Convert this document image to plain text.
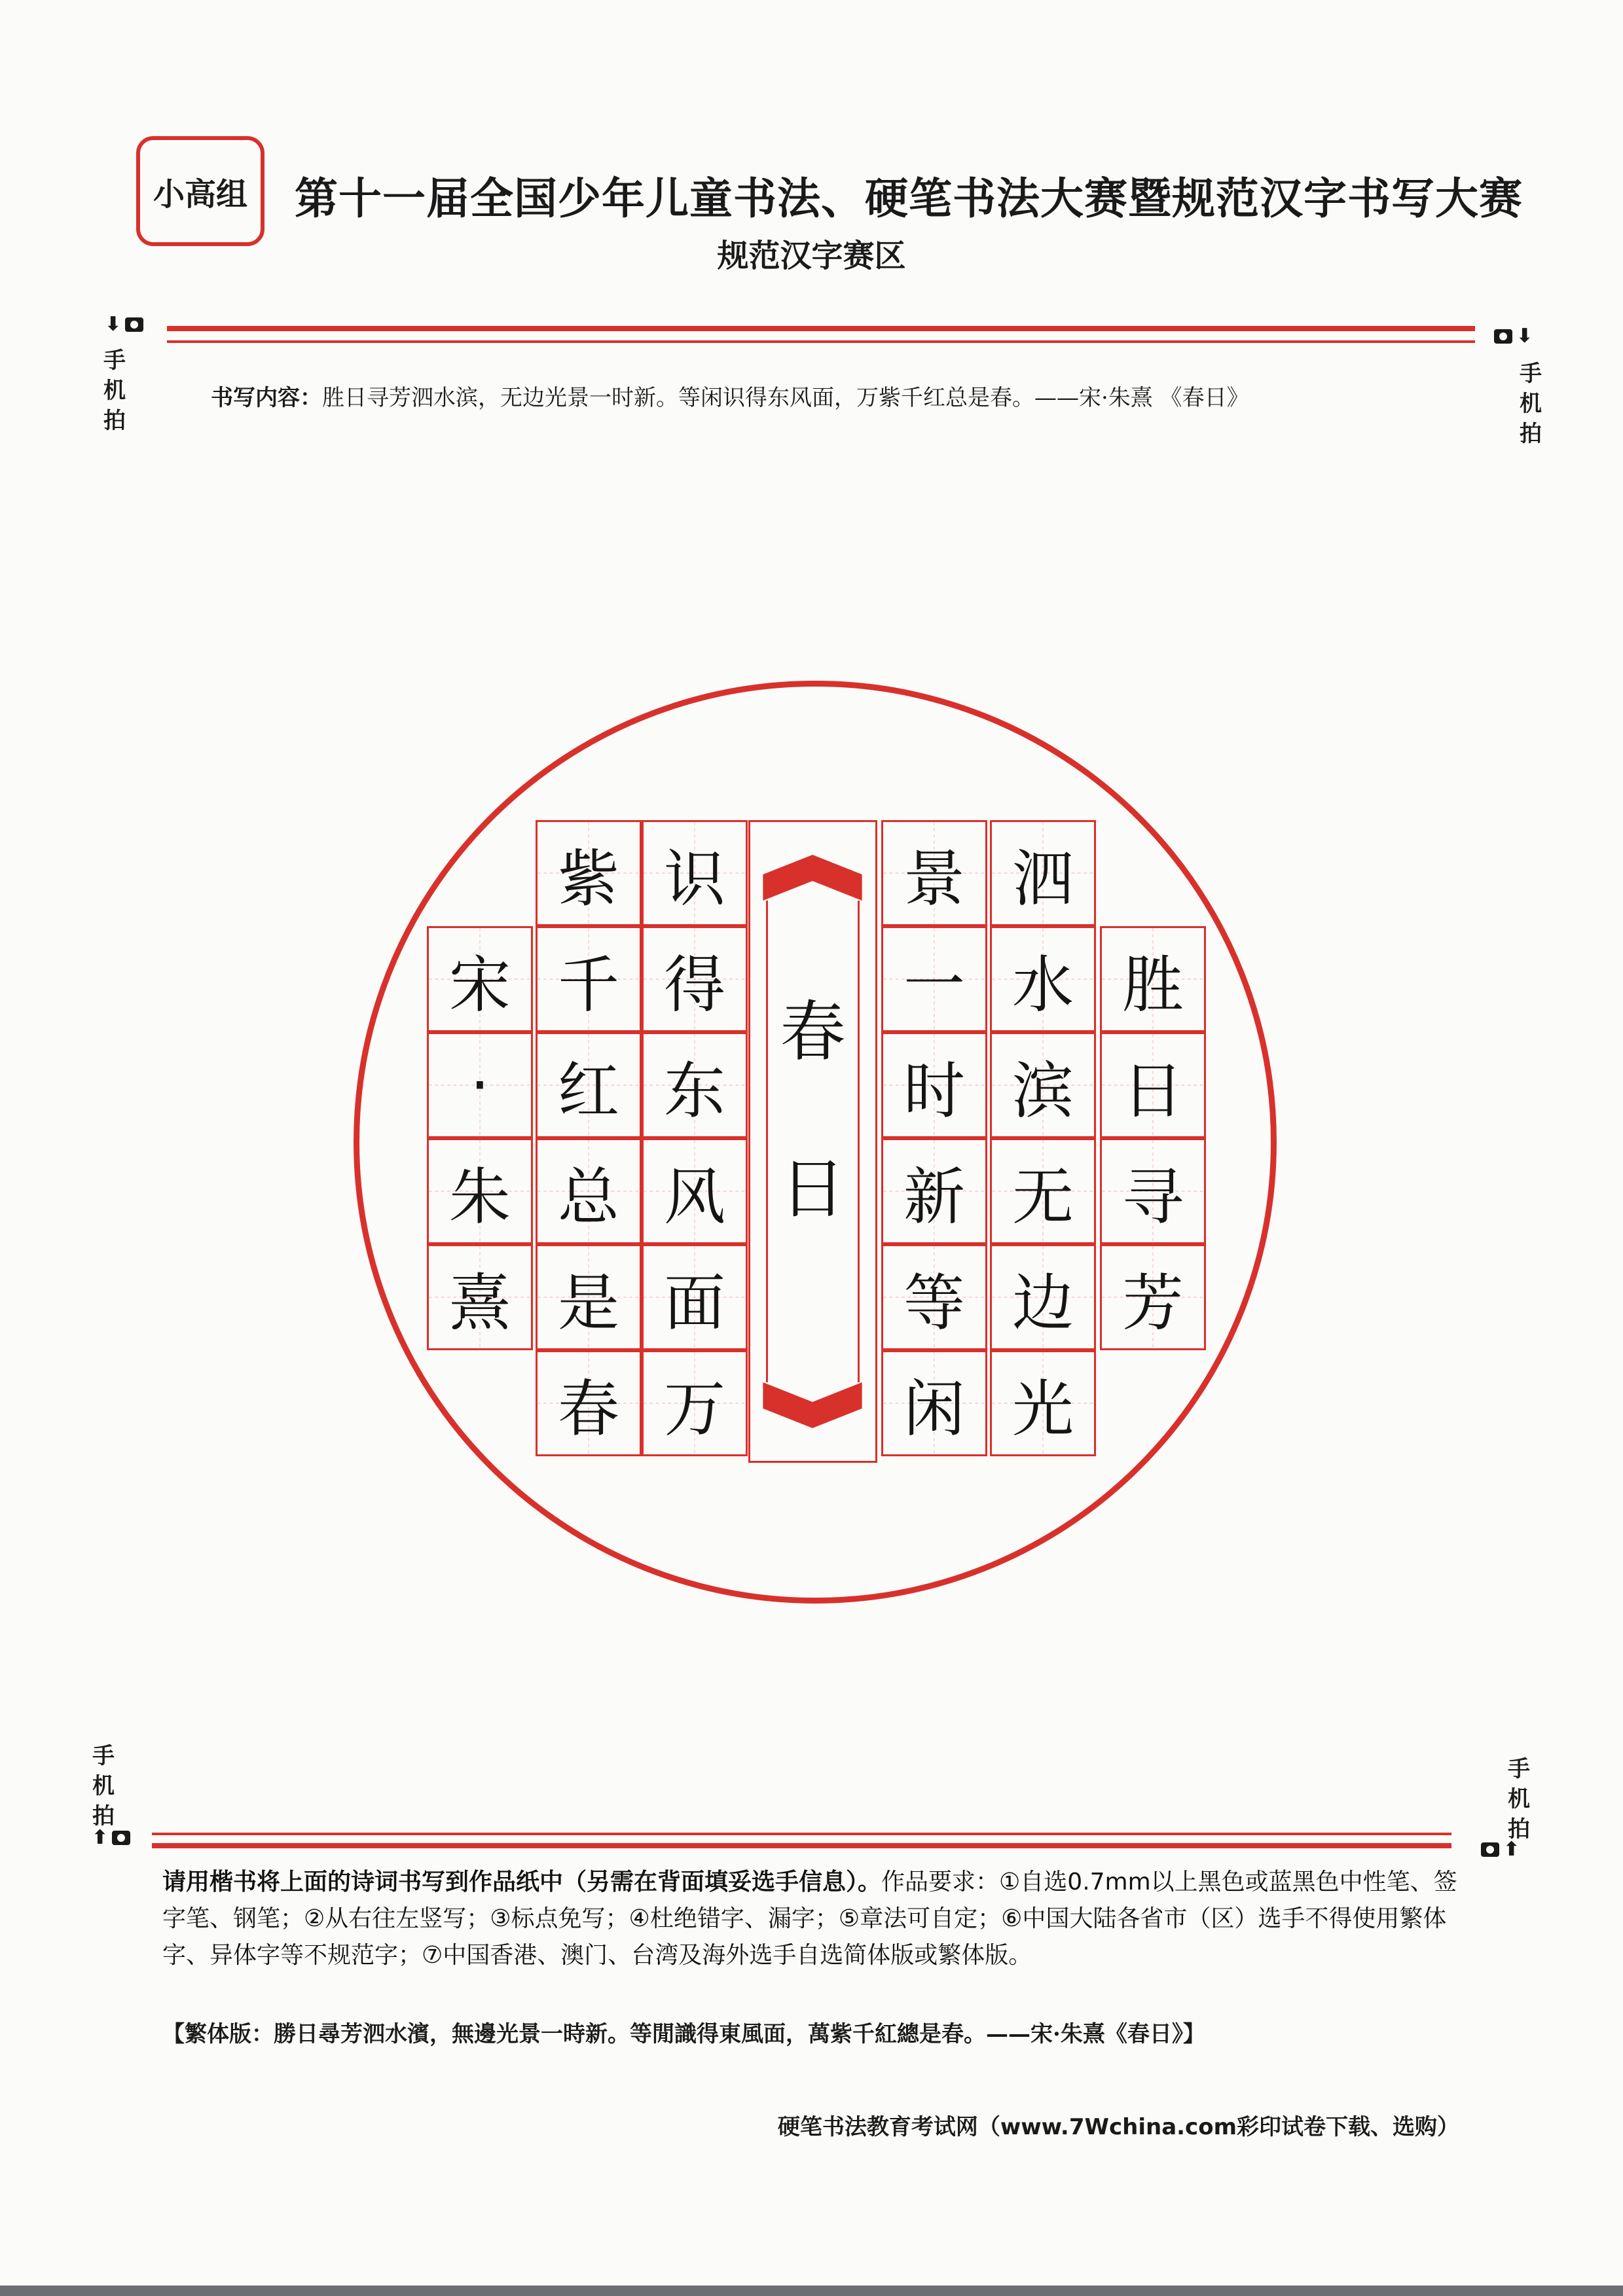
小高组 第十一届全国少年儿童书法、硬笔书法大赛暨规范汉字书写大赛
规范汉字赛区
⬇
手机拍
⬇
手机拍
书写内容：胜日寻芳泗水滨，无边光景一时新。等闲识得东风面，万紫千红总是春。——宋·朱熹 《春日》
胜
日
寻
芳
泗
水
滨
无
边
光
景
一
时
新
等
闲
识
得
东
风
面
万
紫
千
红
总
是
春
宋
·
朱
熹
春
日
手机拍
⬆
手机拍
⬆
请用楷书将上面的诗词书写到作品纸中（另需在背面填妥选手信息）。作品要求：①自选0.7mm以上黑色或蓝黑色中性笔、签字笔、钢笔；②从右往左竖写；③标点免写；④杜绝错字、漏字；⑤章法可自定；⑥中国大陆各省市（区）选手不得使用繁体字、异体字等不规范字；⑦中国香港、澳门、台湾及海外选手自选简体版或繁体版。
【繁体版：勝日尋芳泗水濱，無邊光景一時新。等閒識得東風面，萬紫千紅總是春。——宋·朱熹《春日》】
硬笔书法教育考试网（www.7Wchina.com彩印试卷下载、选购）
